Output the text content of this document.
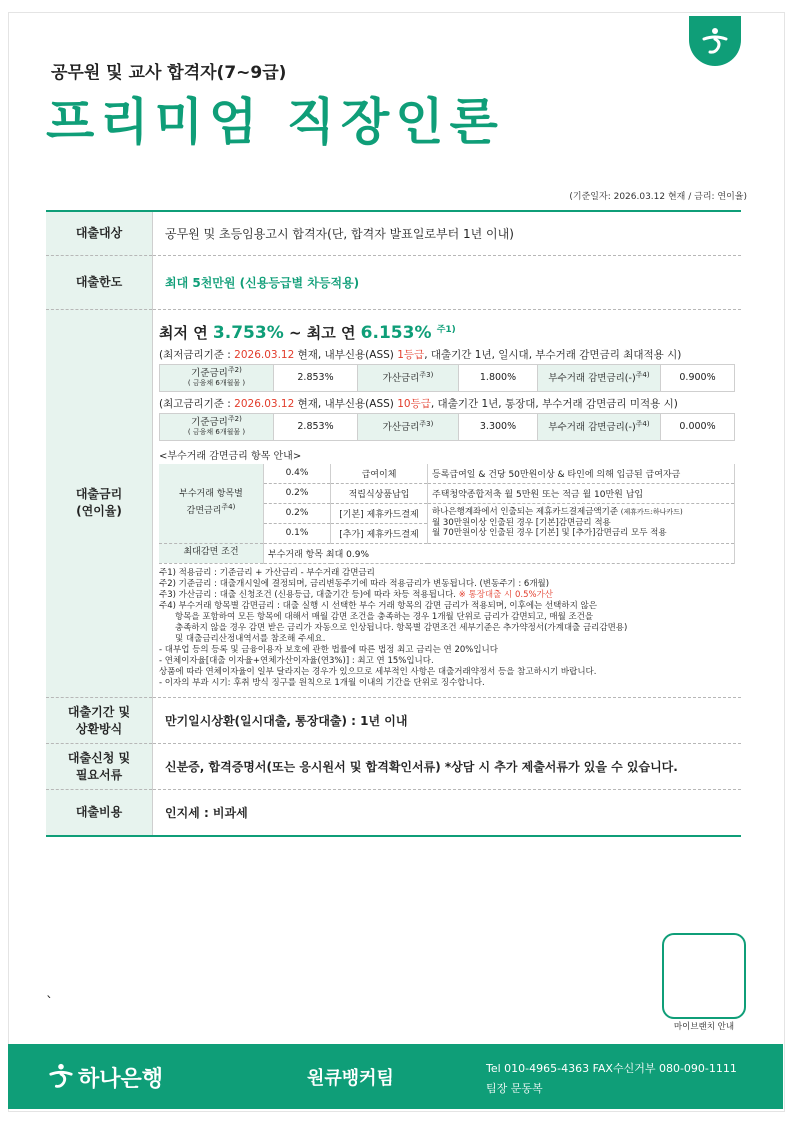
공무원 및 교사 합격자(7~9급)
프리미엄 직장인론
(기준일자: 2026.03.12 현재 / 금리: 연이율)
대출대상	공무원 및 초등임용고시 합격자(단, 합격자 발표일로부터 1년 이내)
대출한도	최대 5천만원 (신용등급별 차등적용)

대출금리
(연이율)

최저 연 3.753% ~ 최고 연 6.153% $^{주1)}$
(최저금리기준 : 2026.03.12 현재, 내부신용(ASS) 1등급, 대출기간 1년, 일시대, 부수거래 감면금리 최대적용 시)
기준금리$^{주2)}$
( 금융채 6개월물 )	2.853%	가산금리$^{주3)}$	1.800%	부수거래 감면금리$(-)^{주4)}$	0.900%
(최고금리기준 : 2026.03.12 현재, 내부신용(ASS) 10등급, 대출기간 1년, 통장대, 부수거래 감면금리 미적용 시)
기준금리$^{주2)}$
( 금융채 6개월물 )	2.853%	가산금리$^{주3)}$	3.300%	부수거래 감면금리$(-)^{주4)}$	0.000%
<부수거래 감면금리 항목 안내>
부수거래 항목별
감면금리$^{주4)}$
	0.4%	급여이체	등록급여일 & 건당 50만원이상 & 타인에 의해 입금된 급여자금
0.2%	적립식상품납입	주택청약종합저축 월 5만원 또는 적금 월 10만원 납입
0.2%	[기본] 제휴카드결제	하나은행계좌에서 인출되는 제휴카드결제금액기준 (제휴카드:하나카드)
월 30만원이상 인출된 경우 [기본]감면금리 적용
월 70만원이상 인출된 경우 [기본] 및 [추가]감면금리 모두 적용

0.1%	[추가] 제휴카드결제
최대감면 조건	부수거래 항목 최대 0.9%
주1) 적용금리 : 기준금리 + 가산금리 - 부수거래 감면금리
주2) 기준금리 : 대출개시일에 결정되며, 금리변동주기에 따라 적용금리가 변동됩니다. (변동주기 : 6개월)
주3) 가산금리 : 대출 신청조건 (신용등급, 대출기간 등)에 따라 차등 적용됩니다. ※ 통장대출 시 0.5%가산
주4) 부수거래 항목별 감면금리 : 대출 실행 시 선택한 부수 거래 항목의 감면 금리가 적용되며, 이후에는 선택하지 않은
항목을 포함하여 모든 항목에 대해서 매월 감면 조건을 충족하는 경우 1개월 단위로 금리가 감면되고, 매월 조건을
충족하지 않을 경우 감면 받은 금리가 자동으로 인상됩니다. 항목별 감면조건 세부기준은 추가약정서(가계대출 금리감면용)
및 대출금리산정내역서를 참조해 주세요.
- 대부업 등의 등록 및 금융이용자 보호에 관한 법률에 따른 법정 최고 금리는 연 20%입니다
- 연체이자율[대출 이자율+연체가산이자율(연3%)] : 최고 연 15%입니다.
상품에 따라 연체이자율이 일부 달라지는 경우가 있으므로 세부적인 사항은 대출거래약정서 등을 참고하시기 바랍니다.
- 이자의 부과 시기: 후취 방식 징구를 원칙으로 1개월 이내의 기간을 단위로 징수합니다.

대출기간 및
상환방식
	만기일시상환(일시대출, 통장대출) : 1년 이내

대출신청 및
필요서류
	신분증, 합격증명서(또는 응시원서 및 합격확인서류) *상담 시 추가 제출서류가 있을 수 있습니다.
대출비용	인지세 : 비과세
`
마이브랜치 안내
하나은행	원큐뱅커팀	Tel 010-4965-4363 FAX수신거부 080-090-1111
팀장 문동복
